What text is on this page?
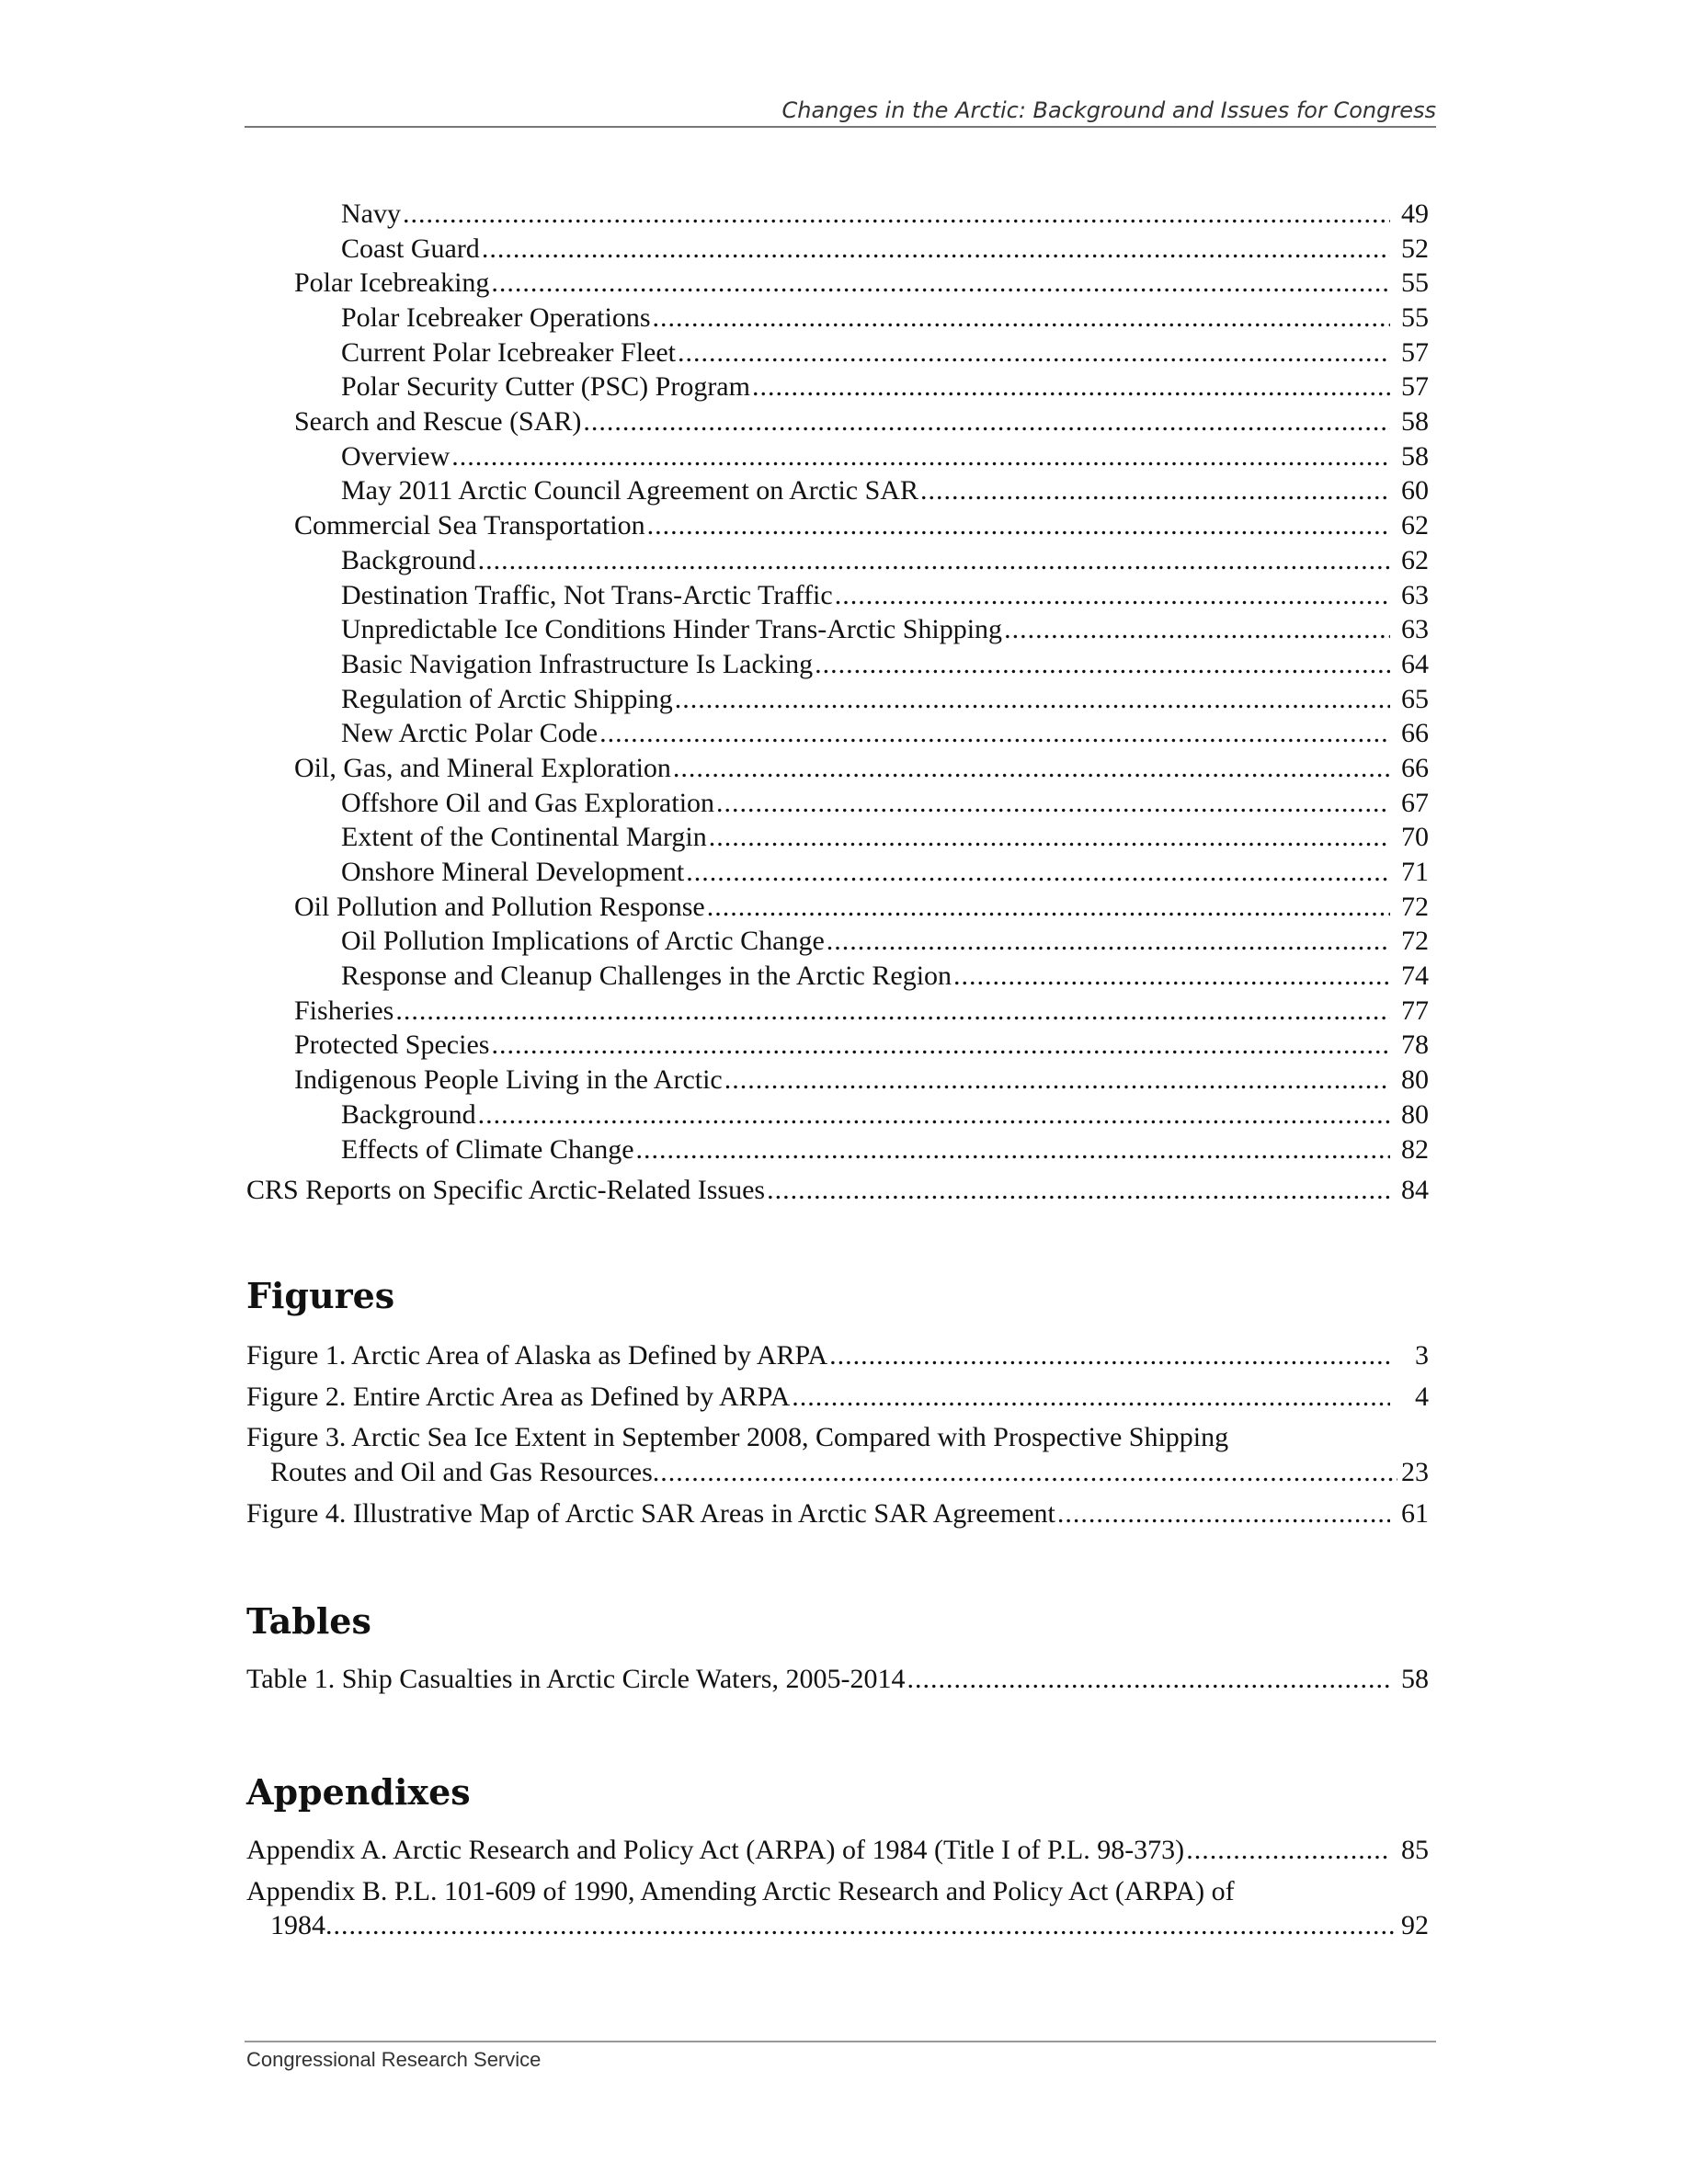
Changes in the Arctic: Background and Issues for Congress
Navy .....	49
Coast Guard .....	52
Polar Icebreaking .....	55
Polar Icebreaker Operations .....	55
Current Polar Icebreaker Fleet .....	57
Polar Security Cutter (PSC) Program .....	57
Search and Rescue (SAR) .....	58
Overview .....	58
May 2011 Arctic Council Agreement on Arctic SAR .....	60
Commercial Sea Transportation .....	62
Background .....	62
Destination Traffic, Not Trans-Arctic Traffic .....	63
Unpredictable Ice Conditions Hinder Trans-Arctic Shipping .....	63
Basic Navigation Infrastructure Is Lacking .....	64
Regulation of Arctic Shipping .....	65
New Arctic Polar Code .....	66
Oil, Gas, and Mineral Exploration .....	66
Offshore Oil and Gas Exploration .....	67
Extent of the Continental Margin .....	70
Onshore Mineral Development .....	71
Oil Pollution and Pollution Response .....	72
Oil Pollution Implications of Arctic Change .....	72
Response and Cleanup Challenges in the Arctic Region .....	74
Fisheries .....	77
Protected Species .....	78
Indigenous People Living in the Arctic .....	80
Background .....	80
Effects of Climate Change .....	82
CRS Reports on Specific Arctic-Related Issues .....	84
Figures
Figure 1. Arctic Area of Alaska as Defined by ARPA .....	3
Figure 2. Entire Arctic Area as Defined by ARPA .....	4
Figure 3. Arctic Sea Ice Extent in September 2008, Compared with Prospective Shipping
Routes and Oil and Gas Resources .....	23
Figure 4. Illustrative Map of Arctic SAR Areas in Arctic SAR Agreement .....	61
Tables
Table 1. Ship Casualties in Arctic Circle Waters, 2005-2014 .....	58
Appendixes
Appendix A. Arctic Research and Policy Act (ARPA) of 1984 (Title I of P.L. 98-373) .....	85
Appendix B. P.L. 101-609 of 1990, Amending Arctic Research and Policy Act (ARPA) of
1984 .....	92
Congressional Research Service
